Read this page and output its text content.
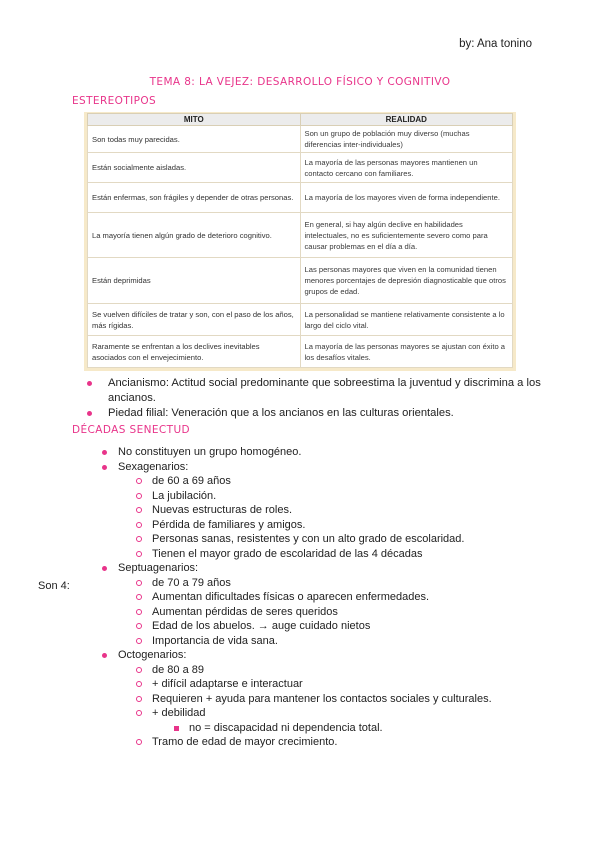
by: Ana tonino
TEMA 8: LA VEJEZ: DESARROLLO FÍSICO Y COGNITIVO
ESTEREOTIPOS
MITO	REALIDAD
Son todas muy parecidas.	Son un grupo de población muy diverso (muchas diferencias inter-individuales)
Están socialmente aisladas.	La mayoría de las personas mayores mantienen un contacto cercano con familiares.
Están enfermas, son frágiles y depender de otras personas.	La mayoría de los mayores viven de forma independiente.
La mayoría tienen algún grado de deterioro cognitivo.	En general, si hay algún declive en habilidades intelectuales, no es suficientemente severo como para causar problemas en el día a día.
Están deprimidas	Las personas mayores que viven en la comunidad tienen menores porcentajes de depresión diagnosticable que otros grupos de edad.
Se vuelven difíciles de tratar y son, con el paso de los años, más rígidas.	La personalidad se mantiene relativamente consistente a lo largo del ciclo vital.
Raramente se enfrentan a los declives inevitables asociados con el envejecimiento.	La mayoría de las personas mayores se ajustan con éxito a los desafíos vitales.
Ancianismo: Actitud social predominante que sobreestima la juventud y discrimina a los ancianos.
Piedad filial: Veneración que a los ancianos en las culturas orientales.
DÉCADAS SENECTUD
Son 4:
No constituyen un grupo homogéneo.
Sexagenarios:
de 60 a 69 años
La jubilación.
Nuevas estructuras de roles.
Pérdida de familiares y amigos.
Personas sanas, resistentes y con un alto grado de escolaridad.
Tienen el mayor grado de escolaridad de las 4 décadas
Septuagenarios:
de 70 a 79 años
Aumentan dificultades físicas o aparecen enfermedades.
Aumentan pérdidas de seres queridos
Edad de los abuelos. → auge cuidado nietos
Importancia de vida sana.
Octogenarios:
de 80 a 89
+ difícil adaptarse e interactuar
Requieren + ayuda para mantener los contactos sociales y culturales.
+ debilidad
no = discapacidad ni dependencia total.
Tramo de edad de mayor crecimiento.
